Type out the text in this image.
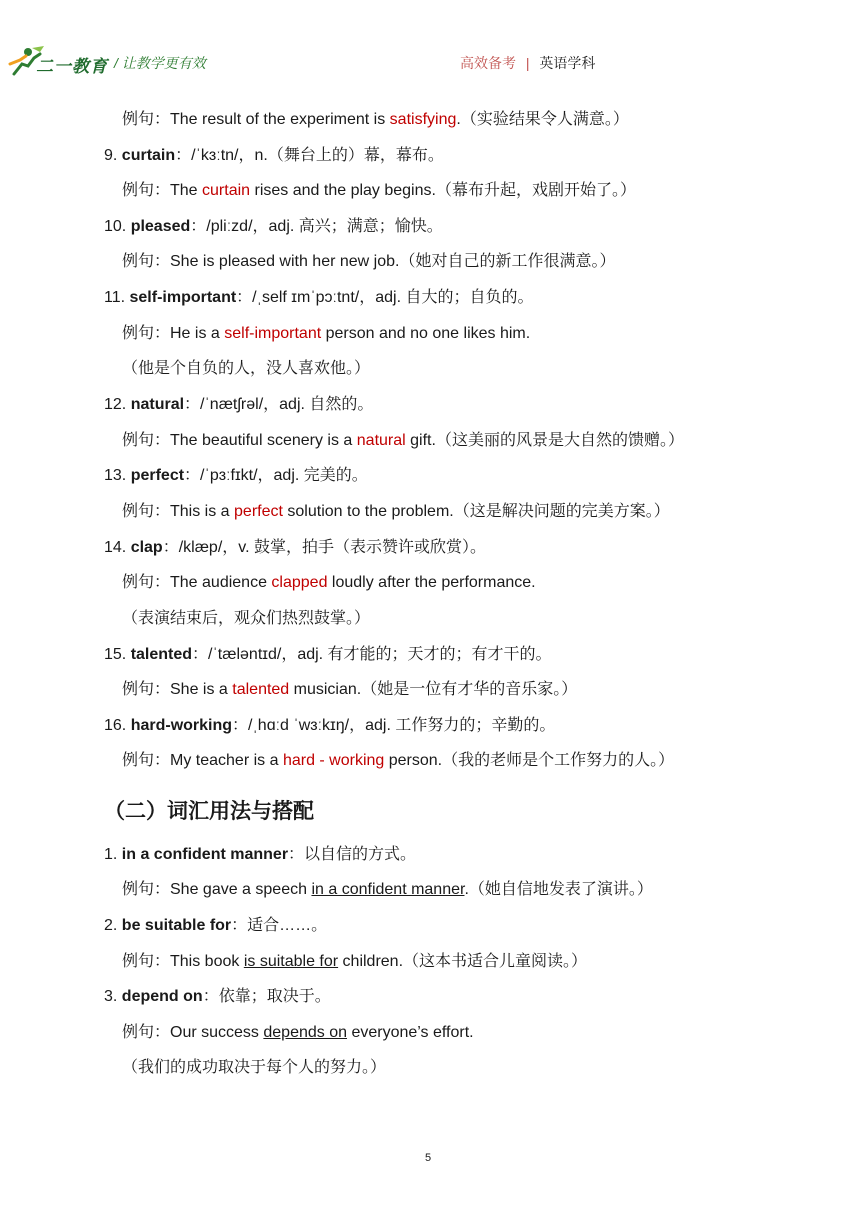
二一教育 / 让教学更有效	高效备考 | 英语学科
例句：The result of the experiment is satisfying.（实验结果令人满意。）
9. curtain：/ˈkɜːtn/，n.（舞台上的）幕，幕布。
例句：The curtain rises and the play begins.（幕布升起，戏剧开始了。）
10. pleased：/pliːzd/，adj. 高兴；满意；愉快。
例句：She is pleased with her new job.（她对自己的新工作很满意。）
11. self-important：/ˌself ɪmˈpɔːtnt/，adj. 自大的；自负的。
例句：He is a self-important person and no one likes him.
（他是个自负的人，没人喜欢他。）
12. natural：/ˈnætʃrəl/，adj. 自然的。
例句：The beautiful scenery is a natural gift.（这美丽的风景是大自然的馈赠。）
13. perfect：/ˈpɜːfɪkt/，adj. 完美的。
例句：This is a perfect solution to the problem.（这是解决问题的完美方案。）
14. clap：/klæp/，v. 鼓掌，拍手（表示赞许或欣赏）。
例句：The audience clapped loudly after the performance.
（表演结束后，观众们热烈鼓掌。）
15. talented：/ˈtæləntɪd/，adj. 有才能的；天才的；有才干的。
例句：She is a talented musician.（她是一位有才华的音乐家。）
16. hard-working：/ˌhɑːd ˈwɜːkɪŋ/，adj. 工作努力的；辛勤的。
例句：My teacher is a hard - working person.（我的老师是个工作努力的人。）
（二）词汇用法与搭配
1. in a confident manner：以自信的方式。
例句：She gave a speech in a confident manner.（她自信地发表了演讲。）
2. be suitable for：适合……。
例句：This book is suitable for children.（这本书适合儿童阅读。）
3. depend on：依靠；取决于。
例句：Our success depends on everyone’s effort.
（我们的成功取决于每个人的努力。）
5
